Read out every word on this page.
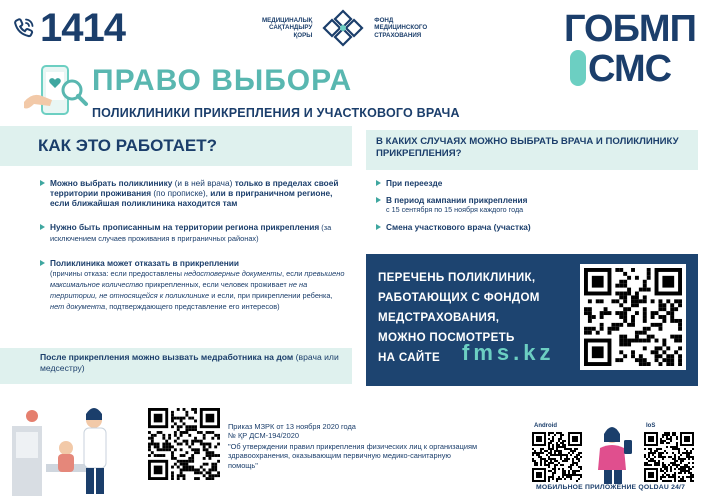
1414	МЕДИЦИНАЛЫҚ
САҚТАНДЫРУ
ҚОРЫ
ФОНД
МЕДИЦИНСКОГО
СТРАХОВАНИЯ	ГОБМП
СМС
ПРАВО ВЫБОРА
ПОЛИКЛИНИКИ ПРИКРЕПЛЕНИЯ И УЧАСТКОВОГО ВРАЧА
КАК ЭТО РАБОТАЕТ?
Можно выбрать поликлинику (и в ней врача) только в пределах своей территории проживания (по прописке), или в приграничном регионе, если ближайшая поликлиника находится там
Нужно быть прописанным на территории региона прикрепления (за исключением случаев проживания в приграничных районах)
Поликлиника может отказать в прикреплении
(причины отказа: если предоставлены недостоверные документы, если превышено максимальное количество прикрепленных, если человек проживает не на территории, не относящейся к поликлинике и если, при прикреплении ребенка, нет документа, подтверждающего представление его интересов)
После прикрепления можно вызвать медработника на дом (врача или медсестру)
В КАКИХ СЛУЧАЯХ МОЖНО ВЫБРАТЬ ВРАЧА И ПОЛИКЛИНИКУ ПРИКРЕПЛЕНИЯ?
При переезде
В период кампании прикрепления
с 15 сентября по 15 ноября каждого года
Смена участкового врача (участка)
ПЕРЕЧЕНЬ ПОЛИКЛИНИК,
РАБОТАЮЩИХ С ФОНДОМ
МЕДСТРАХОВАНИЯ,
МОЖНО ПОСМОТРЕТЬ
НА САЙТЕ	fms.kz
Приказ МЗРК от 13 ноября 2020 года
№ ҚР ДСМ-194/2020
"Об утверждении правил прикрепления физических лиц к организациям здравоохранения, оказывающим первичную медико-санитарную помощь"
Android	IoS
МОБИЛЬНОЕ ПРИЛОЖЕНИЕ QOLDAU 24/7
